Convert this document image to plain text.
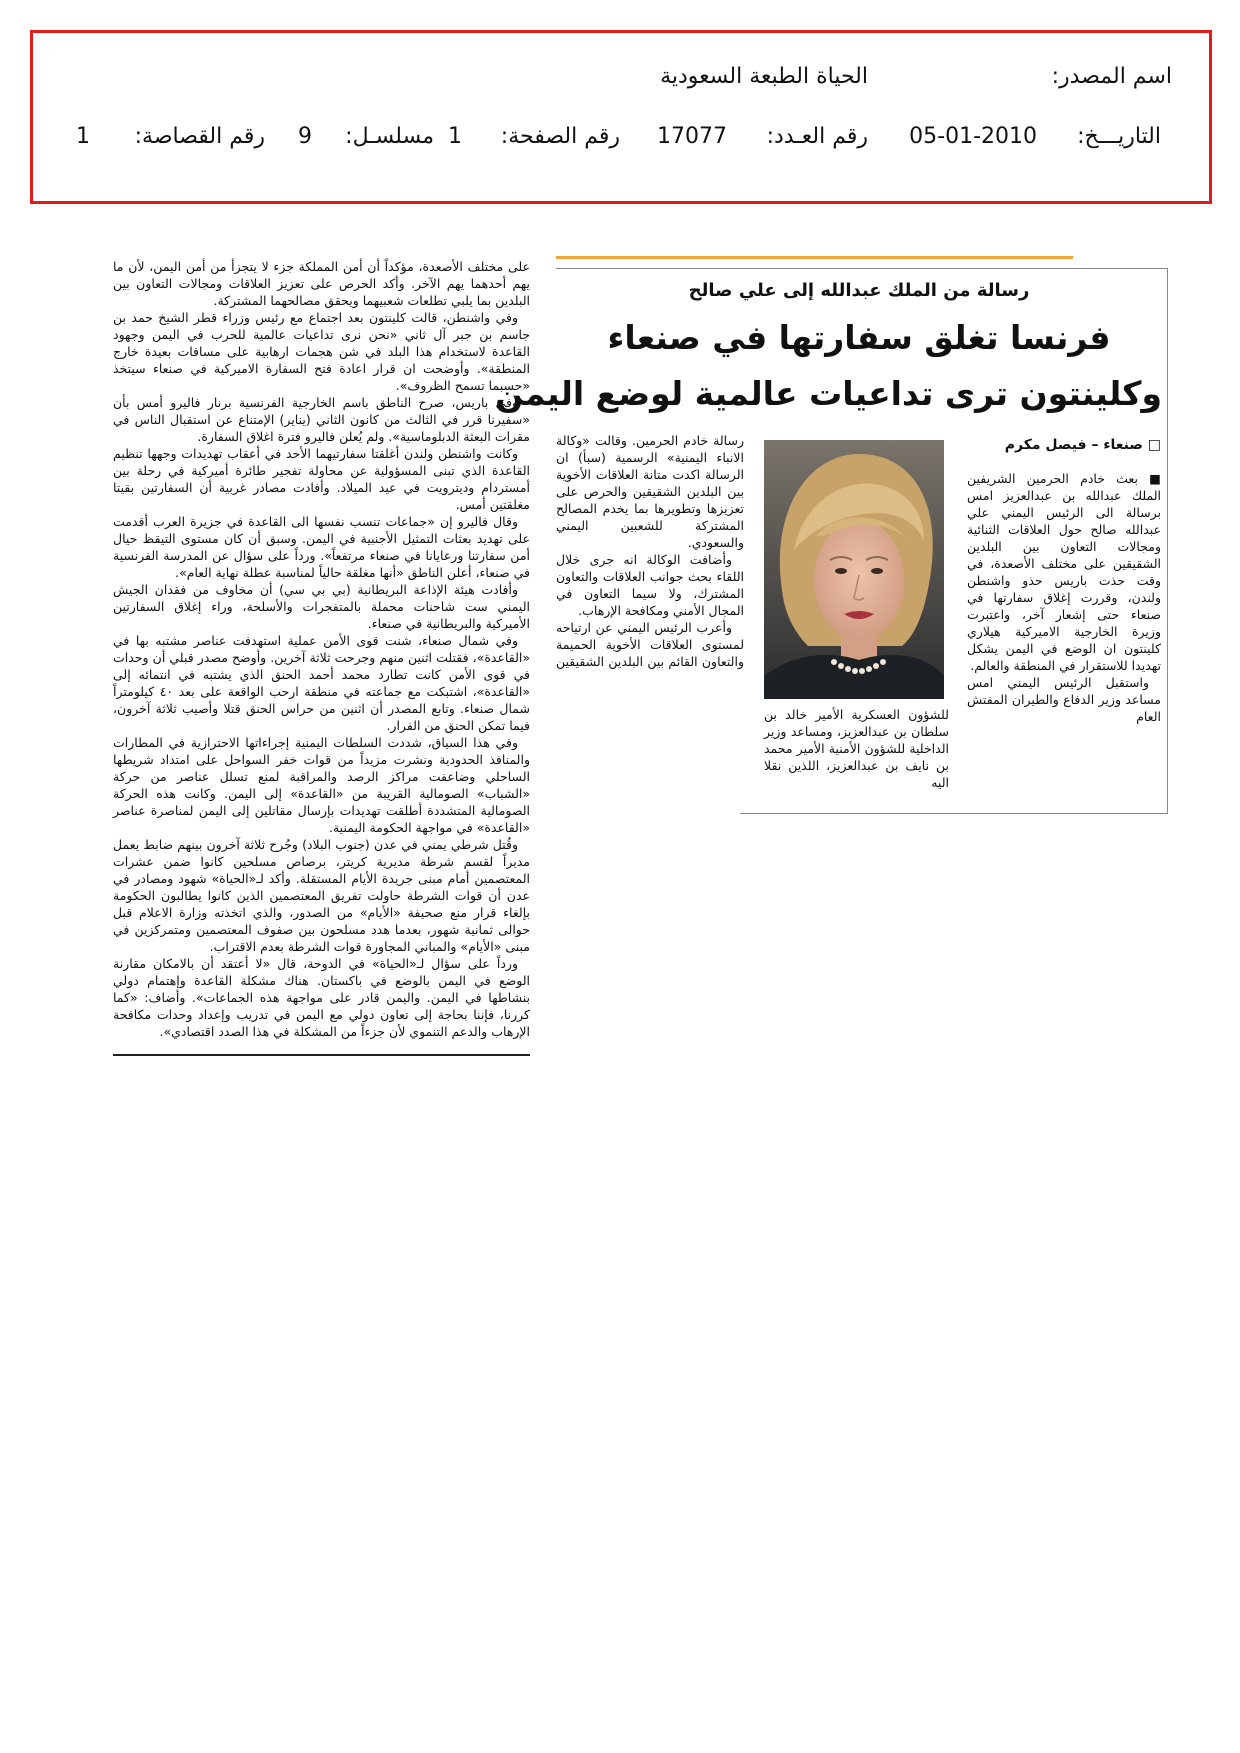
اسم المصدر:
الحياة الطبعة السعودية
التاريـــخ:
05-01-2010
رقم العـدد:
17077
رقم الصفحة:
1
مسلسـل:
9
رقم القصاصة:
1
رسالة من الملك عبدالله إلى علي صالح
فرنسا تغلق سفارتها في صنعاء
وكلينتون ترى تداعيات عالمية لوضع اليمن
□ صنعاء – فيصل مكرم

■ بعث خادم الحرمين الشريفين الملك عبدالله بن عبدالعزيز امس برسالة الى الرئيس اليمني علي عبدالله صالح حول العلاقات الثنائية ومجالات التعاون بين البلدين الشقيقين على مختلف الأصعدة، في وقت حذت باريس حذو واشنطن ولندن، وقررت إغلاق سفارتها في صنعاء حتى إشعار آخر، واعتبرت وزيرة الخارجية الاميركية هيلاري كلينتون ان الوضع في اليمن يشكل تهديدا للاستقرار في المنطقة والعالم.

واستقبل الرئيس اليمني امس مساعد وزير الدفاع والطيران المفتش العام

للشؤون العسكرية الأمير خالد بن سلطان بن عبدالعزيز، ومساعد وزير الداخلية للشؤون الأمنية الأمير محمد بن نايف بن عبدالعزيز، اللذين نقلا اليه

رسالة خادم الحرمين. وقالت «وكالة الانباء اليمنية» الرسمية (سبأ) ان الرسالة اكدت متانة العلاقات الأخوية بين البلدين الشقيقين والحرص على تعزيزها وتطويرها بما يخدم المصالح المشتركة للشعبين اليمني والسعودي.

وأضافت الوكالة انه جرى خلال اللقاء بحث جوانب العلاقات والتعاون المشترك، ولا سيما التعاون في المجال الأمني ومكافحة الإرهاب.

وأعرب الرئيس اليمني عن ارتياحه لمستوى العلاقات الأخوية الحميمة والتعاون القائم بين البلدين الشقيقين

على مختلف الأصعدة، مؤكداً أن أمن المملكة جزء لا يتجزأ من أمن اليمن، لأن ما يهم أحدهما يهم الآخر. وأكد الحرص على تعزيز العلاقات ومجالات التعاون بين البلدين بما يلبي تطلعات شعبيهما ويحقق مصالحهما المشتركة.

وفي واشنطن، قالت كلينتون بعد اجتماع مع رئيس وزراء قطر الشيخ حمد بن جاسم بن جبر آل ثاني «نحن نرى تداعيات عالمية للحرب في اليمن وجهود القاعدة لاستخدام هذا البلد في شن هجمات ارهابية على مسافات بعيدة خارج المنطقة». وأوضحت ان قرار اعادة فتح السفارة الاميركية في صنعاء سيتخذ «حسبما تسمح الظروف».

وفي باريس، صرح الناطق باسم الخارجية الفرنسية برنار فاليرو أمس بأن «سفيرنا قرر في الثالث من كانون الثاني (يناير) الإمتناع عن استقبال الناس في مقرات البعثة الدبلوماسية». ولم يُعلن فاليرو فترة اغلاق السفارة.

وكانت واشنطن ولندن أغلقتا سفارتيهما الأحد في أعقاب تهديدات وجهها تنظيم القاعدة الذي تبنى المسؤولية عن محاولة تفجير طائرة أميركية في رحلة بين أمستردام وديترويت في عيد الميلاد. وأفادت مصادر غربية أن السفارتين بقيتا مغلقتين أمس.

وقال فاليرو إن «جماعات تنسب نفسها الى القاعدة في جزيرة العرب أقدمت على تهديد بعثات التمثيل الأجنبية في اليمن. وسبق أن كان مستوى التيقظ حيال أمن سفارتنا ورعايانا في صنعاء مرتفعاً». ورداً على سؤال عن المدرسة الفرنسية في صنعاء، أعلن الناطق «أنها مغلقة حالياً لمناسبة عطلة نهاية العام».

وأفادت هيئة الإذاعة البريطانية (بي بي سي) أن مخاوف من فقدان الجيش اليمني ست شاحنات محملة بالمتفجرات والأسلحة، وراء إغلاق السفارتين الأميركية والبريطانية في صنعاء.

وفي شمال صنعاء، شنت قوى الأمن عملية استهدفت عناصر مشتبه بها في «القاعدة»، فقتلت اثنين منهم وجرحت ثلاثة آخرين. وأوضح مصدر قبلي أن وحدات في قوى الأمن كانت تطارد محمد أحمد الحنق الذي يشتبه في انتمائه إلى «القاعدة»، اشتبكت مع جماعته في منطقة ارحب الواقعة على بعد ٤٠ كيلومتراً شمال صنعاء. وتابع المصدر أن اثنين من حراس الحنق قتلا وأصيب ثلاثة آخرون، فيما تمكن الحنق من الفرار.

وفي هذا السياق، شددت السلطات اليمنية إجراءاتها الاحترازية في المطارات والمنافذ الحدودية ونشرت مزيداً من قوات خفر السواحل على امتداد شريطها الساحلي وضاعفت مراكز الرصد والمراقبة لمنع تسلل عناصر من حركة «الشباب» الصومالية القريبة من «القاعدة» إلى اليمن. وكانت هذه الحركة الصومالية المتشددة أطلقت تهديدات بإرسال مقاتلين إلى اليمن لمناصرة عناصر «القاعدة» في مواجهة الحكومة اليمنية.

وقُتل شرطي يمني في عدن (جنوب البلاد) وجُرح ثلاثة آخرون بينهم ضابط يعمل مديراً لقسم شرطة مديرية كريتر، برصاص مسلحين كانوا ضمن عشرات المعتصمين أمام مبنى جريدة الأيام المستقلة. وأكد لـ«الحياة» شهود ومصادر في عدن أن قوات الشرطة حاولت تفريق المعتصمين الذين كانوا يطالبون الحكومة بإلغاء قرار منع صحيفة «الأيام» من الصدور، والذي اتخذته وزارة الاعلام قبل حوالى ثمانية شهور، بعدما هدد مسلحون بين صفوف المعتصمين ومتمركزين في مبنى «الأيام» والمباني المجاورة قوات الشرطة بعدم الاقتراب.

ورداً على سؤال لـ«الحياة» في الدوحة، قال «لا أعتقد أن بالامكان مقارنة الوضع في اليمن بالوضع في باكستان. هناك مشكلة القاعدة وإهتمام دولي بنشاطها في اليمن. واليمن قادر على مواجهة هذه الجماعات». وأضاف: «كما كررنا، فإننا بحاجة إلى تعاون دولي مع اليمن في تدريب وإعداد وحدات مكافحة الإرهاب والدعم التنموي لأن جزءاً من المشكلة في هذا الصدد اقتصادي».
